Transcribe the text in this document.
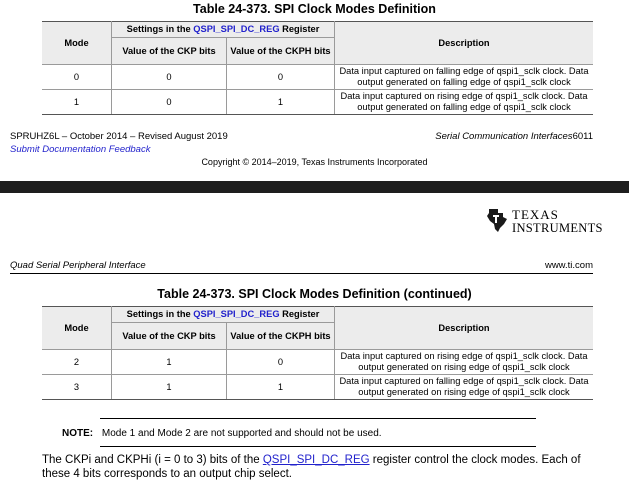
Table 24-373. SPI Clock Modes Definition
Mode	Settings in the QSPI_SPI_DC_REG Register		Description
	Value of the CKP bits	Value of the CKPH bits	
0	0	0	Data input captured on falling edge of qspi1_sclk clock. Data
output generated on falling edge of qspi1_sclk clock
1	0	1	Data input captured on rising edge of qspi1_sclk clock. Data
output generated on falling edge of qspi1_sclk clock
SPRUHZ6L – October 2014 – Revised August 2019
Submit Documentation Feedback
Serial Communication Interfaces6011
Copyright © 2014–2019, Texas Instruments Incorporated
TEXAS
INSTRUMENTS
Quad Serial Peripheral Interface	www.ti.com
Table 24-373. SPI Clock Modes Definition (continued)
Mode	Settings in the QSPI_SPI_DC_REG Register		Description
	Value of the CKP bits	Value of the CKPH bits	
2	1	0	Data input captured on rising edge of qspi1_sclk clock. Data
output generated on rising edge of qspi1_sclk clock
3	1	1	Data input captured on falling edge of qspi1_sclk clock. Data
output generated on rising edge of qspi1_sclk clock
NOTE: Mode 1 and Mode 2 are not supported and should not be used.
The CKPi and CKPHi (i = 0 to 3) bits of the QSPI_SPI_DC_REG register control the clock modes. Each of
these 4 bits corresponds to an output chip select.
